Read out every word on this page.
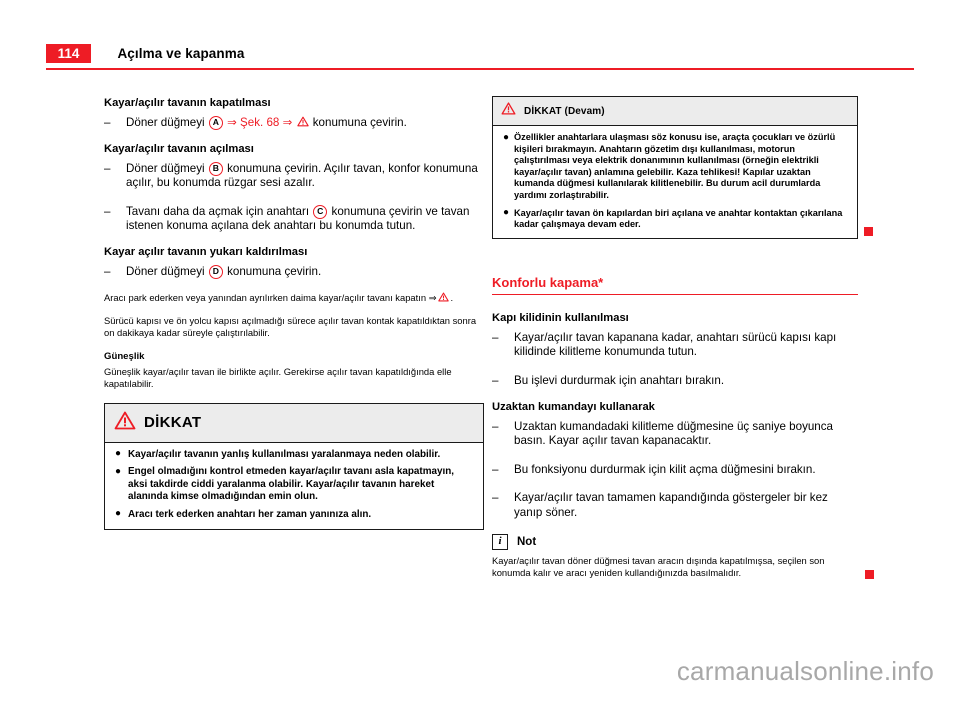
114	Açılma ve kapanma
Kayar/açılır tavanın kapatılması
– Döner düğmeyi A ⇒ Şek. 68 ⇒ konumuna çevirin.
Kayar/açılır tavanın açılması
– Döner düğmeyi B konumuna çevirin. Açılır tavan, konfor konumuna açılır, bu konumda rüzgar sesi azalır.
– Tavanı daha da açmak için anahtarı C konumuna çevirin ve tavan istenen konuma açılana dek anahtarı bu konumda tutun.
Kayar açılır tavanın yukarı kaldırılması
– Döner düğmeyi D konumuna çevirin.

Aracı park ederken veya yanından ayrılırken daima kayar/açılır tavanı kapatın ⇒ .

Sürücü kapısı ve ön yolcu kapısı açılmadığı sürece açılır tavan kontak kapatıldıktan sonra on dakikaya kadar süreyle çalıştırılabilir.

Güneşlik

Güneşlik kayar/açılır tavan ile birlikte açılır. Gerekirse açılır tavan kapatıldığında elle kapatılabilir.

DİKKAT
● Kayar/açılır tavanın yanlış kullanılması yaralanmaya neden olabilir.
● Engel olmadığını kontrol etmeden kayar/açılır tavanı asla kapatmayın, aksi takdirde ciddi yaralanma olabilir. Kayar/açılır tavanın hareket alanında kimse olmadığından emin olun.
● Aracı terk ederken anahtarı her zaman yanınıza alın.
DİKKAT (Devam)
● Özellikler anahtarlara ulaşması söz konusu ise, araçta çocukları ve özürlü kişileri bırakmayın. Anahtarın gözetim dışı kullanılması, motorun çalıştırılması veya elektrik donanımının kullanılması (örneğin elektrikli kayar/açılır tavan) anlamına gelebilir. Kaza tehlikesi! Kapılar uzaktan kumanda düğmesi kullanılarak kilitlenebilir. Bu durum acil durumlarda yardımı zorlaştırabilir.
● Kayar/açılır tavan ön kapılardan biri açılana ve anahtar kontaktan çıkarılana kadar çalışmaya devam eder.
Konforlu kapama*
Kapı kilidinin kullanılması
– Kayar/açılır tavan kapanana kadar, anahtarı sürücü kapısı kapı kilidinde kilitleme konumunda tutun.
– Bu işlevi durdurmak için anahtarı bırakın.
Uzaktan kumandayı kullanarak
– Uzaktan kumandadaki kilitleme düğmesine üç saniye boyunca basın. Kayar açılır tavan kapanacaktır.
– Bu fonksiyonu durdurmak için kilit açma düğmesini bırakın.
– Kayar/açılır tavan tamamen kapandığında göstergeler bir kez yanıp söner.
i Not
Kayar/açılır tavan döner düğmesi tavan aracın dışında kapatılmışsa, seçilen son konumda kalır ve aracı yeniden kullandığınızda basılmalıdır.
carmanualsonline.info
